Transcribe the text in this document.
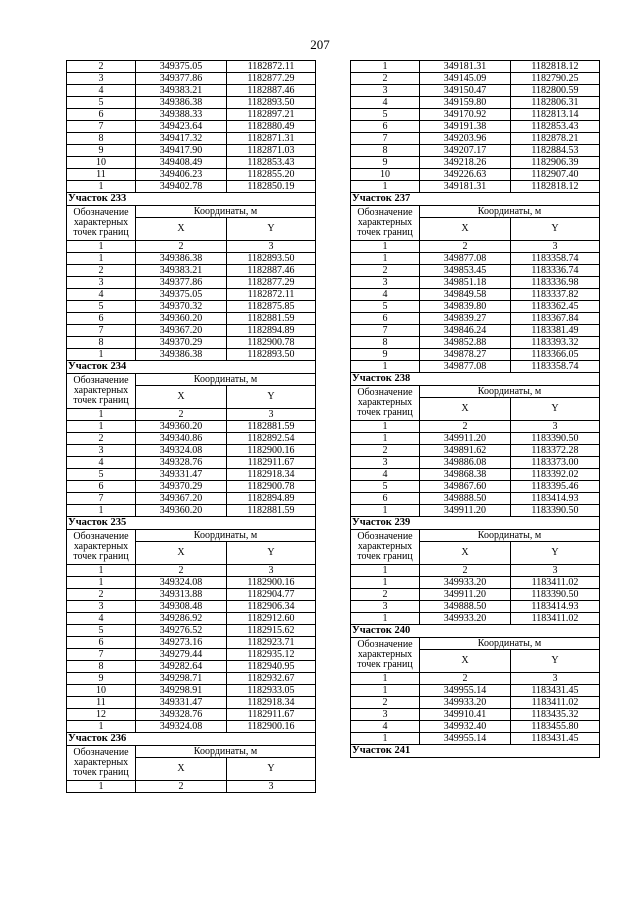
207
2	349375.05	1182872.11
3	349377.86	1182877.29
4	349383.21	1182887.46
5	349386.38	1182893.50
6	349388.33	1182897.21
7	349423.64	1182880.49
8	349417.32	1182871.31
9	349417.90	1182871.03
10	349408.49	1182853.43
11	349406.23	1182855.20
1	349402.78	1182850.19
Участок 233		
Обозначение характерных точек границ	Координаты, м	
	X	Y
1	2	3
1	349386.38	1182893.50
2	349383.21	1182887.46
3	349377.86	1182877.29
4	349375.05	1182872.11
5	349370.32	1182875.85
6	349360.20	1182881.59
7	349367.20	1182894.89
8	349370.29	1182900.78
1	349386.38	1182893.50
Участок 234		
Обозначение характерных точек границ	Координаты, м	
	X	Y
1	2	3
1	349360.20	1182881.59
2	349340.86	1182892.54
3	349324.08	1182900.16
4	349328.76	1182911.67
5	349331.47	1182918.34
6	349370.29	1182900.78
7	349367.20	1182894.89
1	349360.20	1182881.59
Участок 235		
Обозначение характерных точек границ	Координаты, м	
	X	Y
1	2	3
1	349324.08	1182900.16
2	349313.88	1182904.77
3	349308.48	1182906.34
4	349286.92	1182912.60
5	349276.52	1182915.62
6	349273.16	1182923.71
7	349279.44	1182935.12
8	349282.64	1182940.95
9	349298.71	1182932.67
10	349298.91	1182933.05
11	349331.47	1182918.34
12	349328.76	1182911.67
1	349324.08	1182900.16
Участок 236		
Обозначение характерных точек границ	Координаты, м	
	X	Y
1	2	3
1	349181.31	1182818.12
2	349145.09	1182790.25
3	349150.47	1182800.59
4	349159.80	1182806.31
5	349170.92	1182813.14
6	349191.38	1182853.43
7	349203.96	1182878.21
8	349207.17	1182884.53
9	349218.26	1182906.39
10	349226.63	1182907.40
1	349181.31	1182818.12
Участок 237		
Обозначение характерных точек границ	Координаты, м	
	X	Y
1	2	3
1	349877.08	1183358.74
2	349853.45	1183336.74
3	349851.18	1183336.98
4	349849.58	1183337.82
5	349839.80	1183362.45
6	349839.27	1183367.84
7	349846.24	1183381.49
8	349852.88	1183393.32
9	349878.27	1183366.05
1	349877.08	1183358.74
Участок 238		
Обозначение характерных точек границ	Координаты, м	
	X	Y
1	2	3
1	349911.20	1183390.50
2	349891.62	1183372.28
3	349886.08	1183373.00
4	349868.38	1183392.02
5	349867.60	1183395.46
6	349888.50	1183414.93
1	349911.20	1183390.50
Участок 239		
Обозначение характерных точек границ	Координаты, м	
	X	Y
1	2	3
1	349933.20	1183411.02
2	349911.20	1183390.50
3	349888.50	1183414.93
1	349933.20	1183411.02
Участок 240		
Обозначение характерных точек границ	Координаты, м	
	X	Y
1	2	3
1	349955.14	1183431.45
2	349933.20	1183411.02
3	349910.41	1183435.32
4	349932.40	1183455.80
1	349955.14	1183431.45
Участок 241		
